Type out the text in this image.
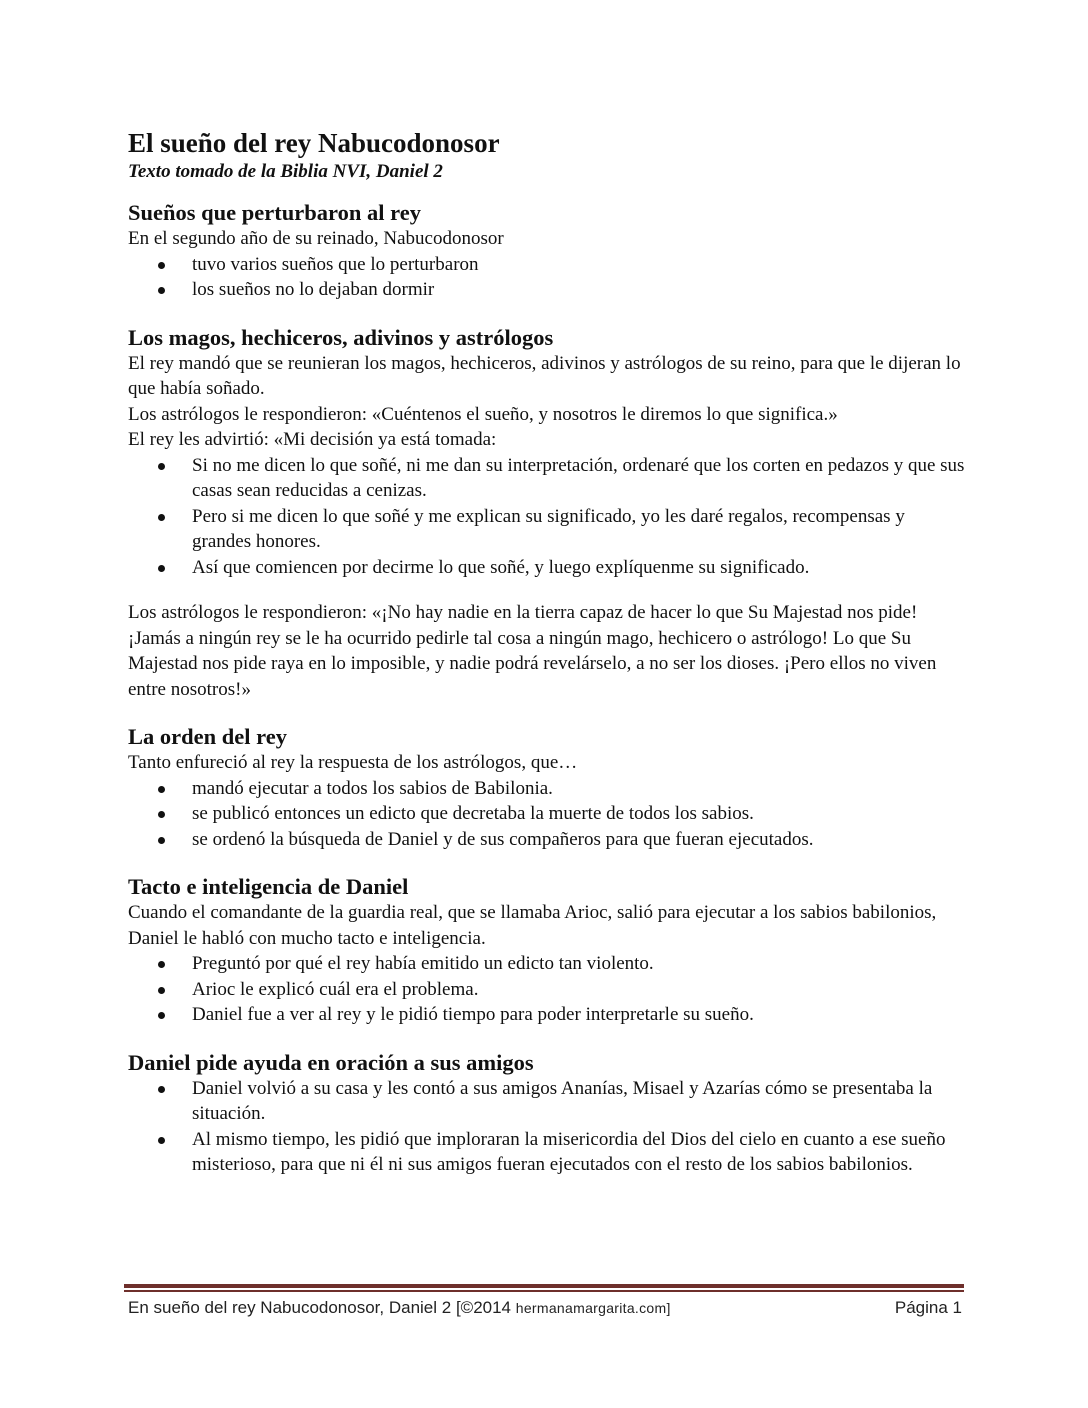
El sueño del rey Nabucodonosor
Texto tomado de la Biblia NVI, Daniel 2
Sueños que perturbaron al rey

En el segundo año de su reinado, Nabucodonosor

tuvo varios sueños que lo perturbaron
los sueños no lo dejaban dormir
Los magos, hechiceros, adivinos y astrólogos

El rey mandó que se reunieran los magos, hechiceros, adivinos y astrólogos de su reino, para que le dijeran lo que había soñado.

Los astrólogos le respondieron: «Cuéntenos el sueño, y nosotros le diremos lo que significa.»

El rey les advirtió: «Mi decisión ya está tomada:

Si no me dicen lo que soñé, ni me dan su interpretación, ordenaré que los corten en pedazos y que sus casas sean reducidas a cenizas.
Pero si me dicen lo que soñé y me explican su significado, yo les daré regalos, recompensas y grandes honores.
Así que comiencen por decirme lo que soñé, y luego explíquenme su significado.

Los astrólogos le respondieron: «¡No hay nadie en la tierra capaz de hacer lo que Su Majestad nos pide! ¡Jamás a ningún rey se le ha ocurrido pedirle tal cosa a ningún mago, hechicero o astrólogo! Lo que Su Majestad nos pide raya en lo imposible, y nadie podrá revelárselo, a no ser los dioses. ¡Pero ellos no viven entre nosotros!»

La orden del rey

Tanto enfureció al rey la respuesta de los astrólogos, que…

mandó ejecutar a todos los sabios de Babilonia.
se publicó entonces un edicto que decretaba la muerte de todos los sabios.
se ordenó la búsqueda de Daniel y de sus compañeros para que fueran ejecutados.
Tacto e inteligencia de Daniel

Cuando el comandante de la guardia real, que se llamaba Arioc, salió para ejecutar a los sabios babilonios, Daniel le habló con mucho tacto e inteligencia.

Preguntó por qué el rey había emitido un edicto tan violento.
Arioc le explicó cuál era el problema.
Daniel fue a ver al rey y le pidió tiempo para poder interpretarle su sueño.
Daniel pide ayuda en oración a sus amigos
Daniel volvió a su casa y les contó a sus amigos Ananías, Misael y Azarías cómo se presentaba la situación.
Al mismo tiempo, les pidió que imploraran la misericordia del Dios del cielo en cuanto a ese sueño misterioso, para que ni él ni sus amigos fueran ejecutados con el resto de los sabios babilonios.
En sueño del rey Nabucodonosor, Daniel 2 [©2014 hermanamargarita.com]	Página 1
